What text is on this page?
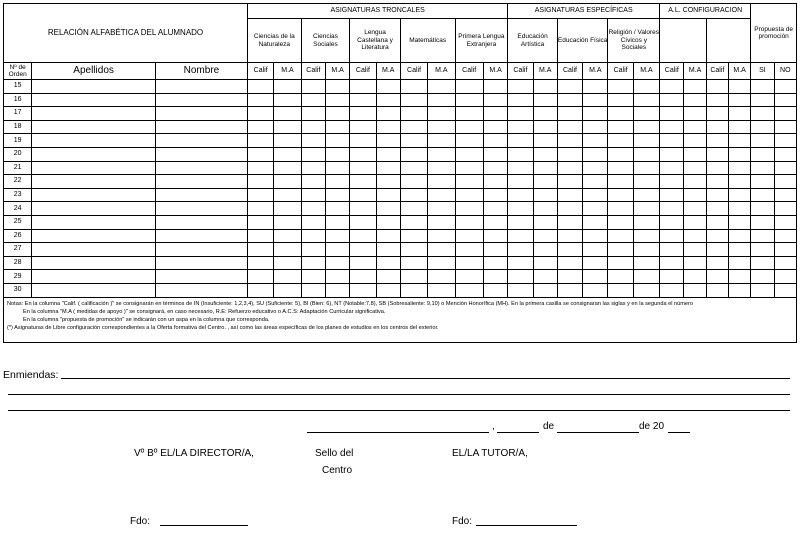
RELACIÓN ALFABÉTICA DEL ALUMNADO			ASIGNATURAS TRONCALES										ASIGNATURAS ESPECÍFICAS						A.L. CONFIGURACION				Propuesta de promoción	
			Ciencias de la Naturaleza		Ciencias Sociales		Lengua Castellana y Literatura		Matemáticas		Primera Lengua Extranjera		Educación Artística		Educación Física		Religión / Valores Cívicos y Sociales							
Nº de Orden	Apellidos	Nombre	Calif	M.A	Calif	M.A	Calif	M.A	Calif	M.A	Calif	M.A	Calif	M.A	Calif	M.A	Calif	M.A	Calif	M.A	Calif	M.A	SI	NO
15																								
16																								
17																								
18																								
19																								
20																								
21																								
22																								
23																								
24																								
25																								
26																								
27																								
28																								
29																								
30																								

Notas: En la columna "Calif. ( calificación )" se consignarán en términos de IN (Insuficiente: 1,2,3,4), SU (Suficiente: 5), BI (Bien: 6), NT (Notable:7,8), SB (Sobresaliente: 9,10) o Mención Honorífica (MH). En la primera casilla se consignaran las siglas y en la segunda el número
En la columna "M.A ( medidas de apoyo )" se consignará, en caso necesario, R.E: Refuerzo educativo o A.C.S: Adaptación Curricular significativa.
En la columna "propuesta de promoción" se indicarán con un aspa en la columna que corresponda.
(*) Asignaturas de Libre configuración correspondientes a la Oferta formativa del Centro. , así como las áreas específicas de los planes de estudios en los centros del exterior.																								
Enmiendas:
,	de	de 20
Vº Bº EL/LA DIRECTOR/A,	Sello del
Centro
EL/LA TUTOR/A,
Fdo:	Fdo:
